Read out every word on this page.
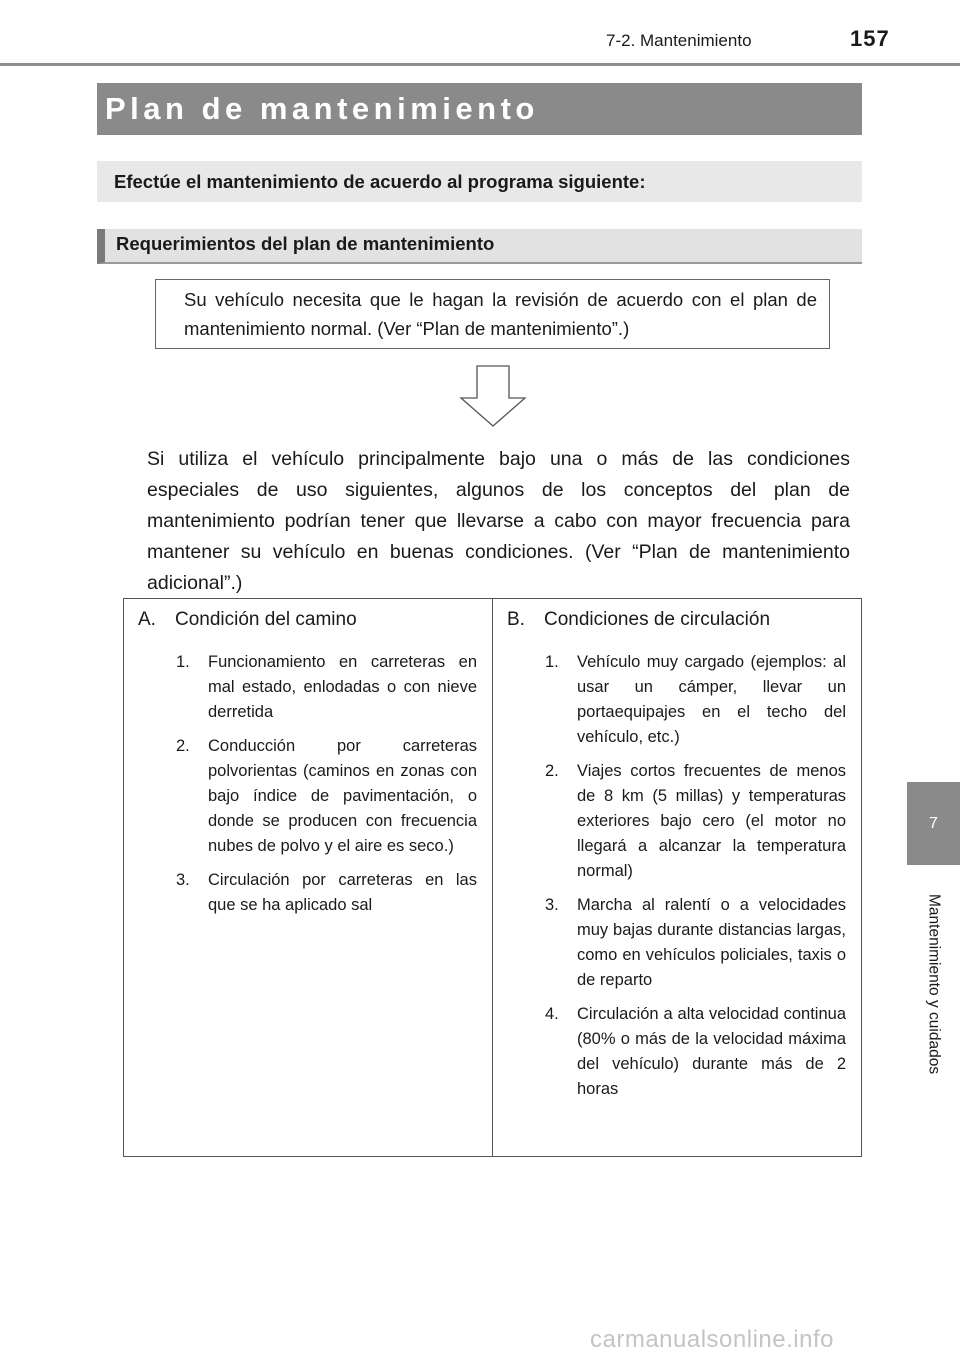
7-2. Mantenimiento	157
Plan de mantenimiento
Efectúe el mantenimiento de acuerdo al programa siguiente:
Requerimientos del plan de mantenimiento
Su vehículo necesita que le hagan la revisión de acuerdo con el plan de mantenimiento normal. (Ver “Plan de mantenimiento”.)

Si utiliza el vehículo principalmente bajo una o más de las condiciones especiales de uso siguientes, algunos de los conceptos del plan de mantenimiento podrían tener que llevarse a cabo con mayor frecuencia para mantener su vehículo en buenas condiciones. (Ver “Plan de mantenimiento adicional”.)

A.	Condición del camino
1.	Funcionamiento en carreteras en mal estado, enlodadas o con nieve derretida
2.	Conducción por carreteras polvorientas (caminos en zonas con bajo índice de pavimentación, o donde se producen con frecuencia nubes de polvo y el aire es seco.)
3.	Circulación por carreteras en las que se ha aplicado sal
B.	Condiciones de circulación
1.	Vehículo muy cargado (ejemplos: al usar un cámper, llevar un portaequipajes en el techo del vehículo, etc.)
2.	Viajes cortos frecuentes de menos de 8 km (5 millas) y temperaturas exteriores bajo cero (el motor no llegará a alcanzar la temperatura normal)
3.	Marcha al ralentí o a velocidades muy bajas durante distancias largas, como en vehículos policiales, taxis o de reparto
4.	Circulación a alta velocidad continua (80% o más de la velocidad máxima del vehículo) durante más de 2 horas
7
Mantenimiento y cuidados
carmanualsonline.info
